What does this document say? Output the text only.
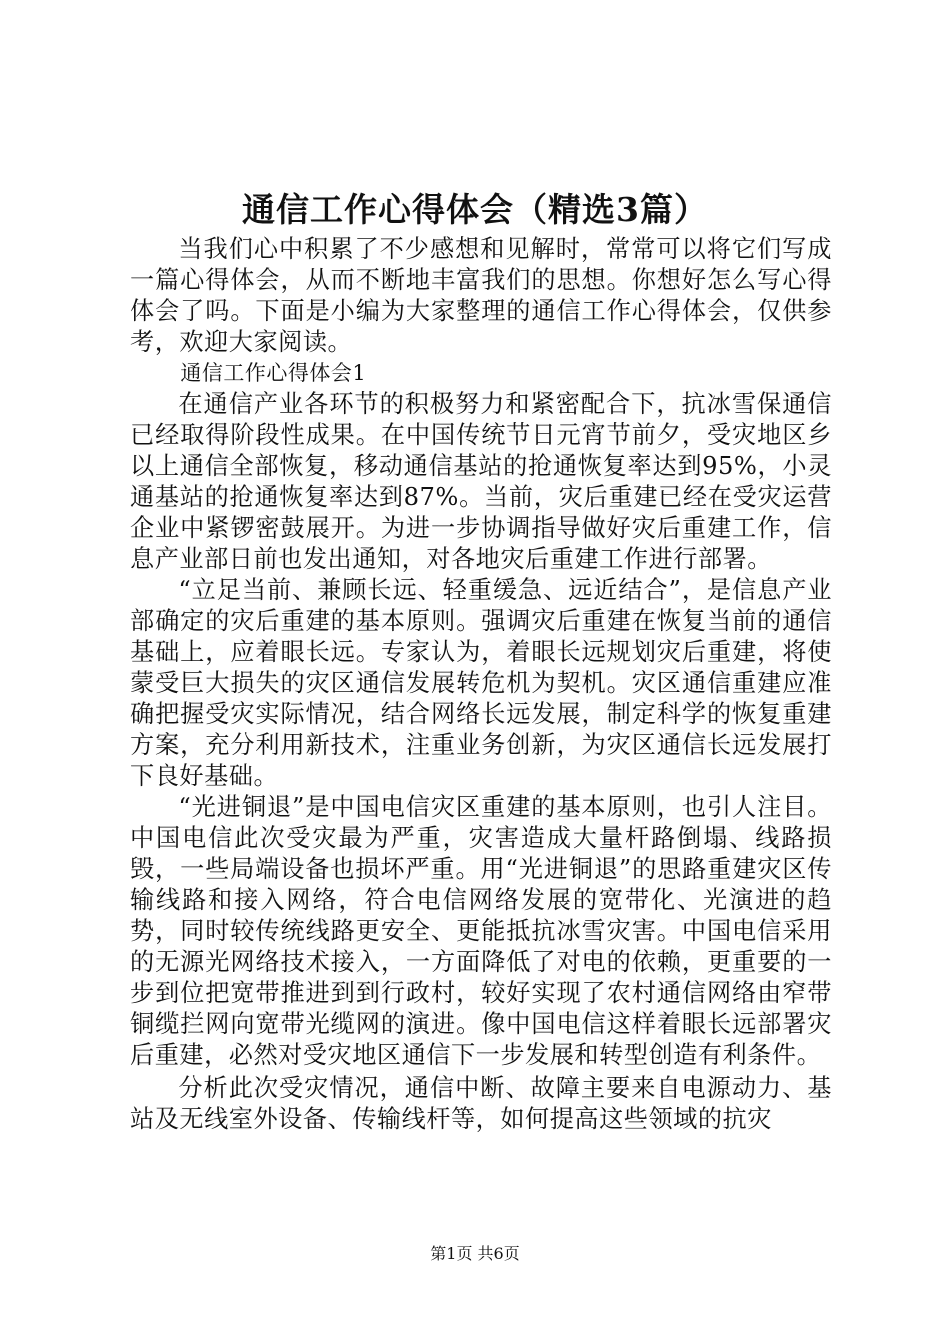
通信工作心得体会（精选3篇）

当我们心中积累了不少感想和见解时，常常可以将它们写成一篇心得体会，从而不断地丰富我们的思想。你想好怎么写心得体会了吗。下面是小编为大家整理的通信工作心得体会，仅供参考，欢迎大家阅读。

通信工作心得体会1

在通信产业各环节的积极努力和紧密配合下，抗冰雪保通信已经取得阶段性成果。在中国传统节日元宵节前夕，受灾地区乡以上通信全部恢复，移动通信基站的抢通恢复率达到95%，小灵通基站的抢通恢复率达到87%。当前，灾后重建已经在受灾运营企业中紧锣密鼓展开。为进一步协调指导做好灾后重建工作，信息产业部日前也发出通知，对各地灾后重建工作进行部署。

“立足当前、兼顾长远、轻重缓急、远近结合”，是信息产业部确定的灾后重建的基本原则。强调灾后重建在恢复当前的通信基础上，应着眼长远。专家认为，着眼长远规划灾后重建，将使蒙受巨大损失的灾区通信发展转危机为契机。灾区通信重建应准确把握受灾实际情况，结合网络长远发展，制定科学的恢复重建方案，充分利用新技术，注重业务创新，为灾区通信长远发展打下良好基础。

“光进铜退”是中国电信灾区重建的基本原则，也引人注目。中国电信此次受灾最为严重，灾害造成大量杆路倒塌、线路损毁，一些局端设备也损坏严重。用“光进铜退”的思路重建灾区传输线路和接入网络，符合电信网络发展的宽带化、光演进的趋势，同时较传统线路更安全、更能抵抗冰雪灾害。中国电信采用的无源光网络技术接入，一方面降低了对电的依赖，更重要的一步到位把宽带推进到到行政村，较好实现了农村通信网络由窄带铜缆拦网向宽带光缆网的演进。像中国电信这样着眼长远部署灾后重建，必然对受灾地区通信下一步发展和转型创造有利条件。

分析此次受灾情况，通信中断、故障主要来自电源动力、基站及无线室外设备、传输线杆等，如何提高这些领域的抗灾

第1页 共6页
